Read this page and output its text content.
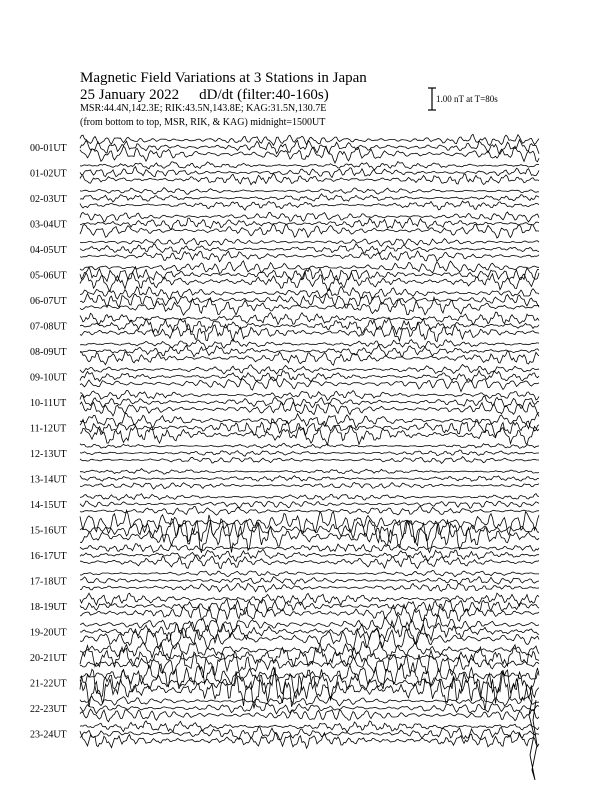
Magnetic Field Variations at 3 Stations in Japan
25 January 2022 dD/dt (filter:40-160s)
MSR:44.4N,142.3E; RIK:43.5N,143.8E; KAG:31.5N,130.7E
(from bottom to top, MSR, RIK, & KAG) midnight=1500UT
1.00 nT at T=80s
00-01UT
01-02UT
02-03UT
03-04UT
04-05UT
05-06UT
06-07UT
07-08UT
08-09UT
09-10UT
10-11UT
11-12UT
12-13UT
13-14UT
14-15UT
15-16UT
16-17UT
17-18UT
18-19UT
19-20UT
20-21UT
21-22UT
22-23UT
23-24UT
